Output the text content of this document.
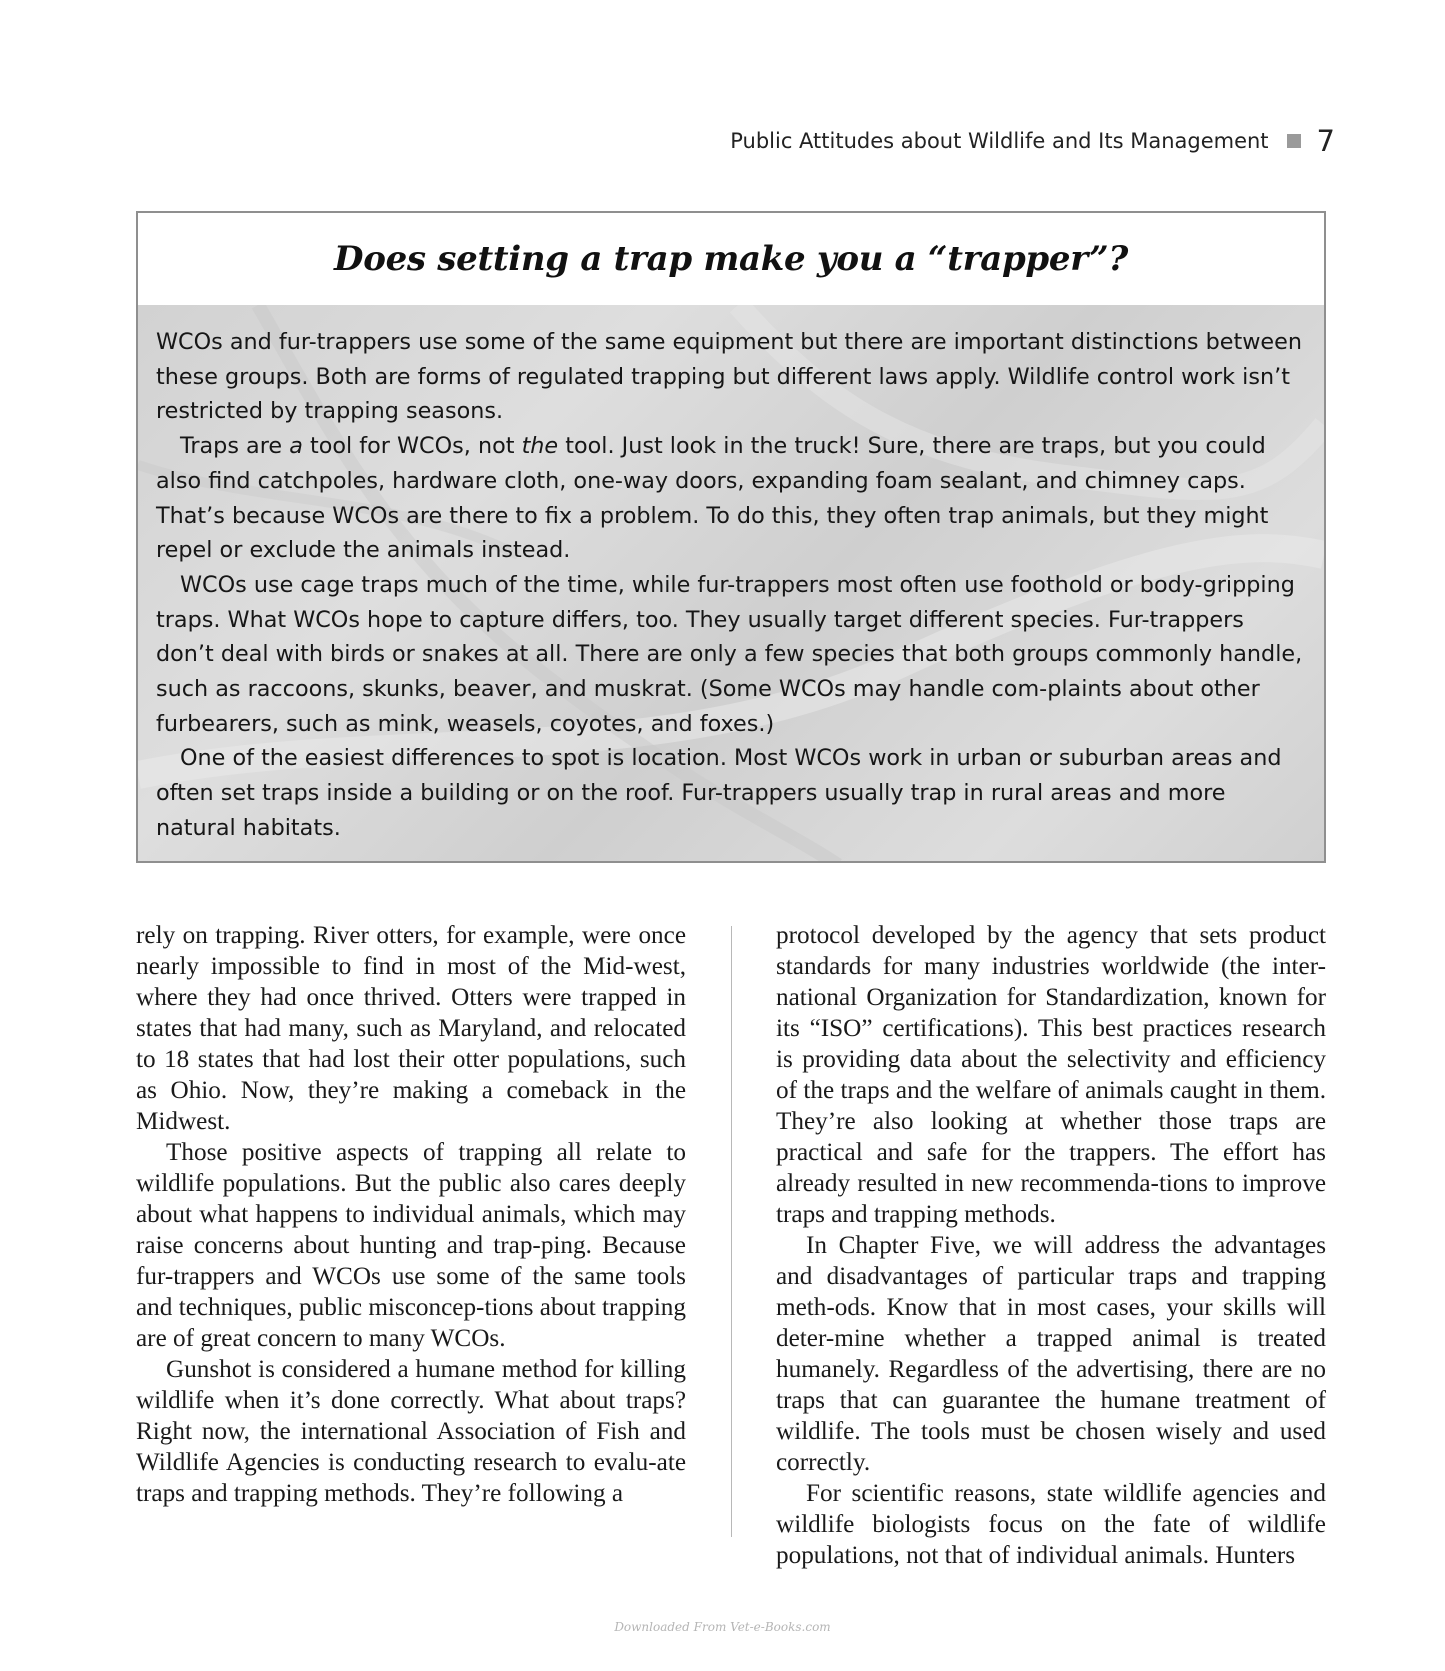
Public Attitudes about Wildlife and Its Management 7
Does setting a trap make you a “trapper”?

WCOs and fur-trappers use some of the same equipment but there are important distinctions between these groups. Both are forms of regulated trapping but different laws apply. Wildlife control work isn’t restricted by trapping seasons.

Traps are a tool for WCOs, not the tool. Just look in the truck! Sure, there are traps, but you could also find catchpoles, hardware cloth, one-way doors, expanding foam sealant, and chimney caps. That’s because WCOs are there to fix a problem. To do this, they often trap animals, but they might repel or exclude the animals instead.

WCOs use cage traps much of the time, while fur-trappers most often use foothold or body-gripping traps. What WCOs hope to capture differs, too. They usually target different species. Fur-trappers don’t deal with birds or snakes at all. There are only a few species that both groups commonly handle, such as raccoons, skunks, beaver, and muskrat. (Some WCOs may handle com-plaints about other furbearers, such as mink, weasels, coyotes, and foxes.)

One of the easiest differences to spot is location. Most WCOs work in urban or suburban areas and often set traps inside a building or on the roof. Fur-trappers usually trap in rural areas and more natural habitats.

rely on trapping. River otters, for example, were once nearly impossible to find in most of the Mid-west, where they had once thrived. Otters were trapped in states that had many, such as Maryland, and relocated to 18 states that had lost their otter populations, such as Ohio. Now, they’re making a comeback in the Midwest.

Those positive aspects of trapping all relate to wildlife populations. But the public also cares deeply about what happens to individual animals, which may raise concerns about hunting and trap-ping. Because fur-trappers and WCOs use some of the same tools and techniques, public misconcep-tions about trapping are of great concern to many WCOs.

Gunshot is considered a humane method for killing wildlife when it’s done correctly. What about traps? Right now, the international Association of Fish and Wildlife Agencies is conducting research to evalu-ate traps and trapping methods. They’re following a

protocol developed by the agency that sets product standards for many industries worldwide (the inter-national Organization for Standardization, known for its “ISO” certifications). This best practices research is providing data about the selectivity and efficiency of the traps and the welfare of animals caught in them. They’re also looking at whether those traps are practical and safe for the trappers. The effort has already resulted in new recommenda-tions to improve traps and trapping methods.

In Chapter Five, we will address the advantages and disadvantages of particular traps and trapping meth-ods. Know that in most cases, your skills will deter-mine whether a trapped animal is treated humanely. Regardless of the advertising, there are no traps that can guarantee the humane treatment of wildlife. The tools must be chosen wisely and used correctly.

For scientific reasons, state wildlife agencies and wildlife biologists focus on the fate of wildlife populations, not that of individual animals. Hunters

Downloaded From Vet-e-Books.com
